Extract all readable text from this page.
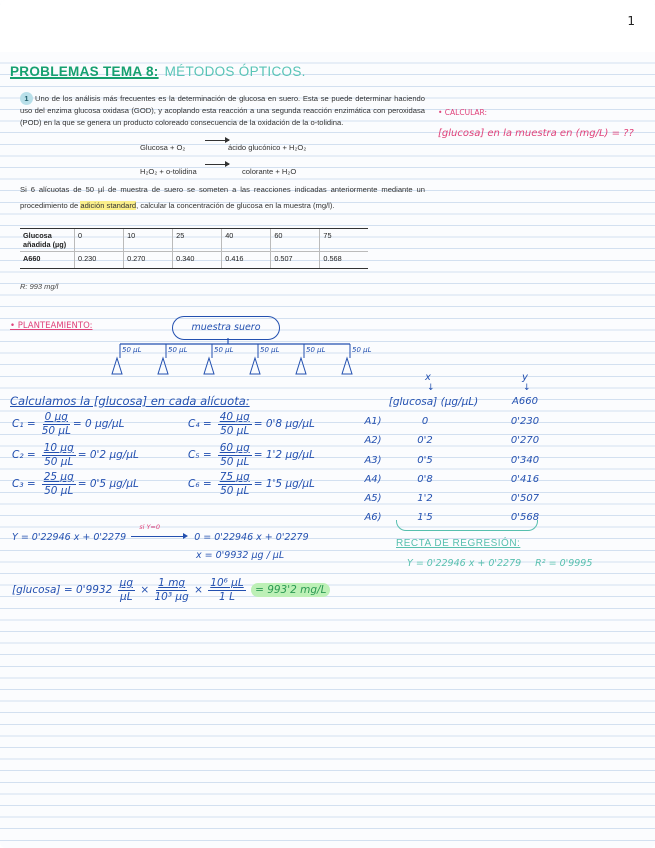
1
PROBLEMAS TEMA 8: MÉTODOS ÓPTICOS.
1 Uno de los análisis más frecuentes es la determinación de glucosa en suero. Esta se puede determinar haciendo uso del enzima glucosa oxidasa (GOD), y acoplando esta reacción a una segunda reacción enzimática con peroxidasa (POD) en la que se genera un producto coloreado consecuencia de la oxidación de la o-tolidina.
Glucosa + O₂	ácido glucónico + H₂O₂
H₂O₂ + o-tolidina	colorante + H₂O
Si 6 alícuotas de 50 µl de muestra de suero se someten a las reacciones indicadas anteriormente mediante un procedimiento de adición standard, calcular la concentración de glucosa en la muestra (mg/l).
Glucosa añadida (µg)	0	10	25	40	60	75
A660	0.230	0.270	0.340	0.416	0.507	0.568
R: 993 mg/l
• CALCULAR:
[glucosa] en la muestra en (mg/L) = ??
• PLANTEAMIENTO:	muestra suero
50 µL	50 µL	50 µL	50 µL	50 µL	50 µL
Calculamos la [glucosa] en cada alícuota:
$C_1 = \frac{\text{0 µg}}{\text{50 µL}} = 0$ µg/µL
$C_2 = \frac{\text{10 µg}}{\text{50 µL}} = 0'2$ µg/µL
$C_3 = \frac{\text{25 µg}}{\text{50 µL}} = 0'5$ µg/µL
$C_4 = \frac{\text{40 µg}}{\text{50 µL}} = 0'8$ µg/µL
$C_5 = \frac{\text{60 µg}}{\text{50 µL}} = 1'2$ µg/µL
$C_6 = \frac{\text{75 µg}}{\text{50 µL}} = 1'5$ µg/µL
x
↓
y
↓
[glucosa] (µg/µL)	A660
A1)	0	0'230
A2)	0'2	0'270
A3)	0'5	0'340
A4)	0'8	0'416
A5)	1'2	0'507
A6)	1'5	0'568
RECTA DE REGRESIÓN:
Y = 0'22946 x + 0'2279 R² = 0'9995
Y = 0'22946 x + 0'2279
si Y=0
0 = 0'22946 x + 0'2279
x = 0'9932 µg / µL
$[glucosa] = 0'9932 \frac{\text{µg}}{\text{µL}} \times \frac{1 mg}{\text{10³ µg}} \times \frac{\text{10⁶ µL}}{1 L} = 993'2$ mg/L
